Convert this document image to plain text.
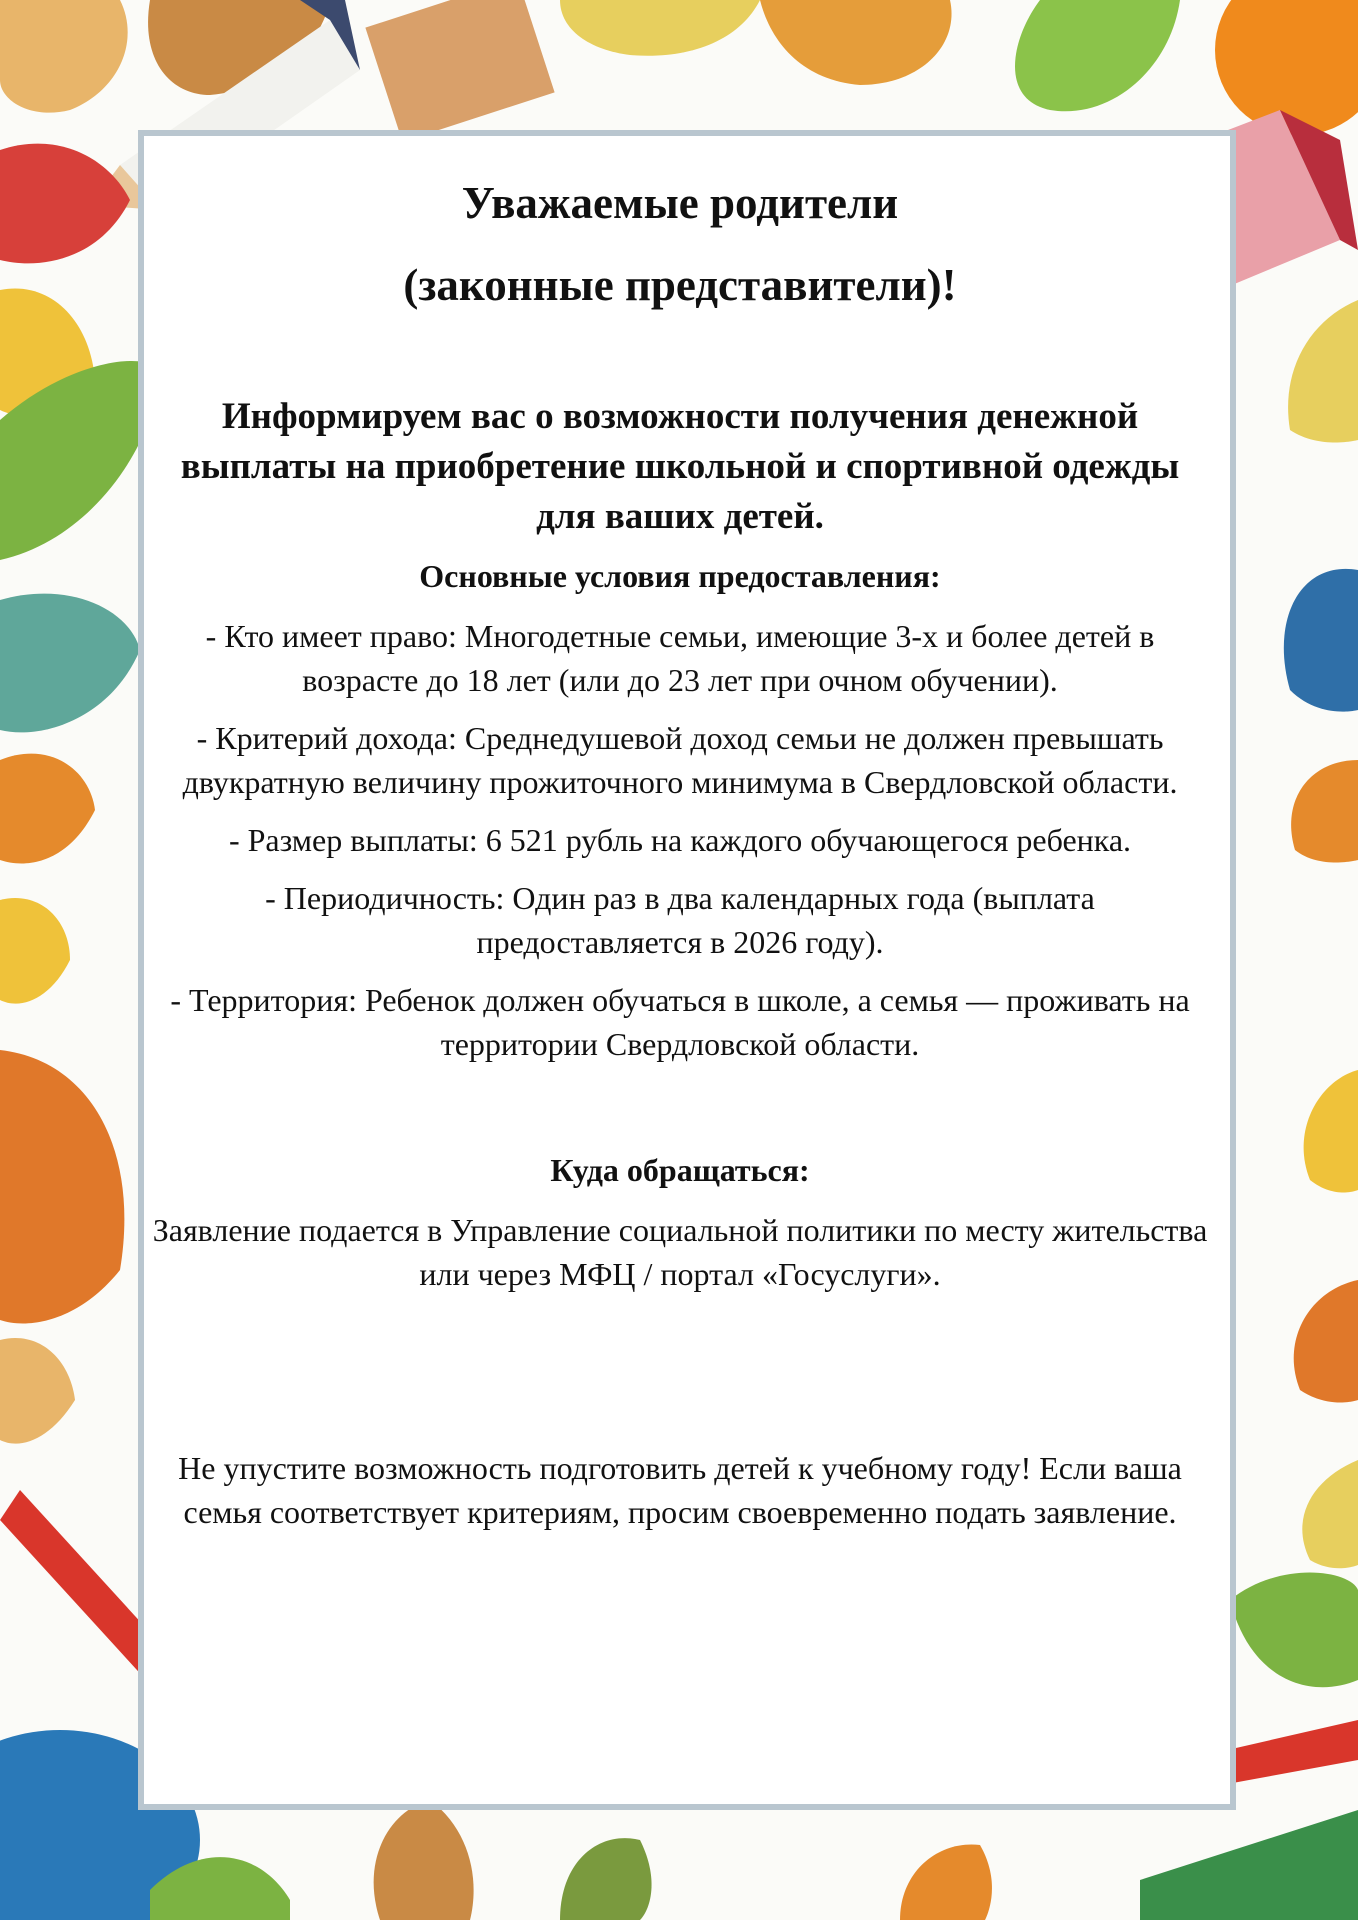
Уважаемые родители
(законные представители)!
Информируем вас о возможности получения денежной выплаты на приобретение школьной и спортивной одежды для ваших детей.
Основные условия предоставления:
- Кто имеет право: Многодетные семьи, имеющие 3-х и более детей в возрасте до 18 лет (или до 23 лет при очном обучении).
- Критерий дохода: Среднедушевой доход семьи не должен превышать двукратную величину прожиточного минимума в Свердловской области.
- Размер выплаты: 6 521 рубль на каждого обучающегося ребенка.
- Периодичность: Один раз в два календарных года (выплата предоставляется в 2026 году).
- Территория: Ребенок должен обучаться в школе, а семья — проживать на территории Свердловской области.
Куда обращаться:
Заявление подается в Управление социальной политики по месту жительства или через МФЦ / портал «Госуслуги».
Не упустите возможность подготовить детей к учебному году! Если ваша семья соответствует критериям, просим своевременно подать заявление.
